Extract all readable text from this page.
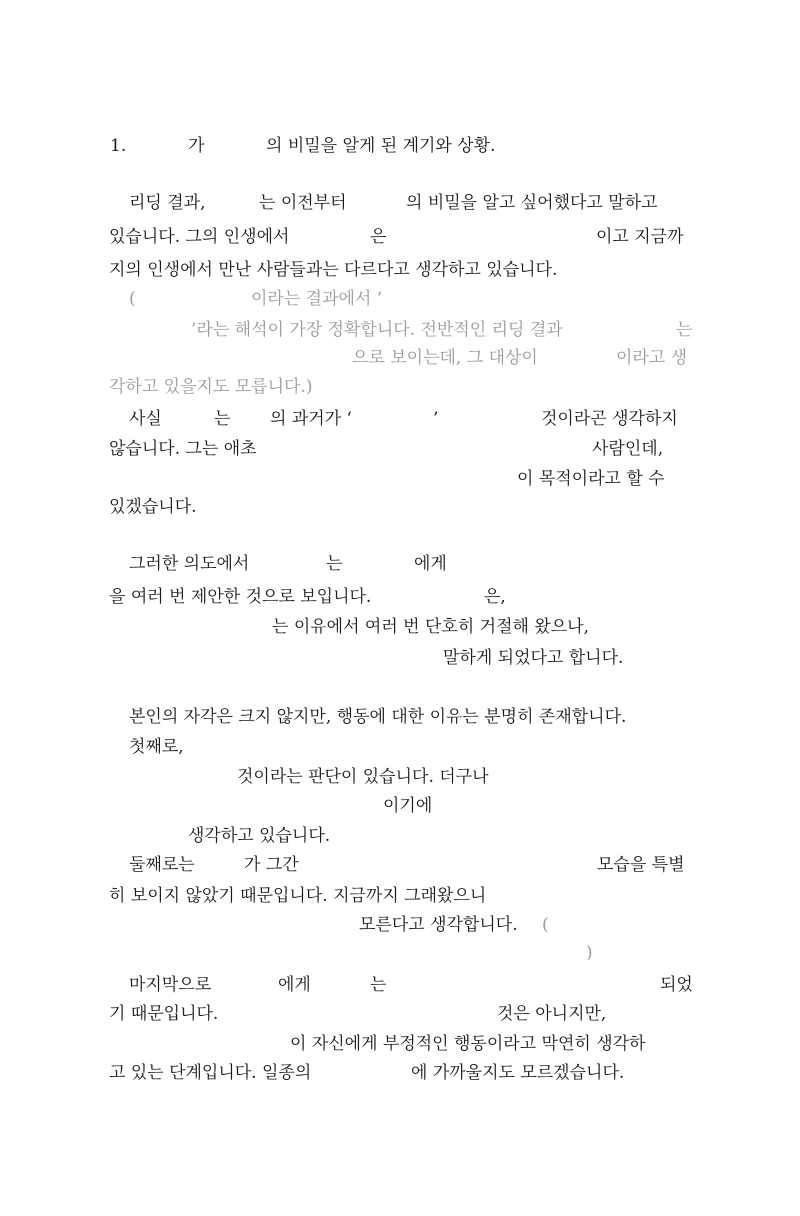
1.	가	의 비밀을 알게 된 계기와 상황.
리딩 결과,	는 이전부터	의 비밀을 알고 싶어했다고 말하고
있습니다. 그의 인생에서	은	이고 지금까
지의 인생에서 만난 사람들과는 다르다고 생각하고 있습니다.
(	이라는 결과에서 ‘
’라는 해석이 가장 정확합니다. 전반적인 리딩 결과	는
으로 보이는데, 그 대상이	이라고 생
각하고 있을지도 모릅니다.)
사실	는 의 과거가 ‘	’	것이라곤 생각하지
않습니다. 그는 애초	사람인데,
이 목적이라고 할 수
있겠습니다.
그러한 의도에서	는	에게
을 여러 번 제안한 것으로 보입니다.	은,
는 이유에서 여러 번 단호히 거절해 왔으나,
말하게 되었다고 합니다.
본인의 자각은 크지 않지만, 행동에 대한 이유는 분명히 존재합니다.
첫째로,
것이라는 판단이 있습니다. 더구나
이기에
생각하고 있습니다.
둘째로는	가 그간	모습을 특별
히 보이지 않았기 때문입니다. 지금까지 그래왔으니
모른다고 생각합니다. (
)
마지막으로	에게	는	되었
기 때문입니다.	것은 아니지만,
이 자신에게 부정적인 행동이라고 막연히 생각하
고 있는 단계입니다. 일종의	에 가까울지도 모르겠습니다.
